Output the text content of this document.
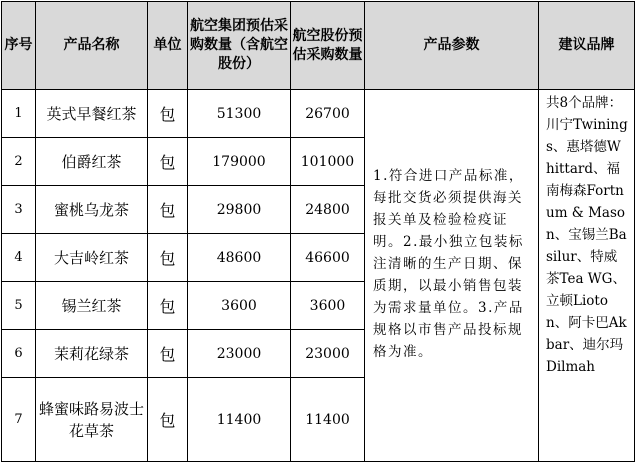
序号	产品名称	单位	航空集团预估采购数量（含航空股份）	航空股份预估采购数量	产品参数	建议品牌
1	英式早餐红茶	包	51300	26700	1.符合进口产品标准，每批交货必须提供海关报关单及检验检疫证明。2.最小独立包装标注清晰的生产日期、保质期，以最小销售包装为需求量单位。3.产品规格以市售产品投标规格为准。	共8个品牌：川宁Twinings、惠塔德Whittard、福南梅森Fortnum & Mason、宝锡兰Basilur、特威茶Tea WG、立顿Lioton、阿卡巴Akbar、迪尔玛Dilmah
2	伯爵红茶	包	179000	101000		
3	蜜桃乌龙茶	包	29800	24800		
4	大吉岭红茶	包	48600	46600		
5	锡兰红茶	包	3600	3600		
6	茉莉花绿茶	包	23000	23000		
7	蜂蜜味路易波士花草茶	包	11400	11400		
